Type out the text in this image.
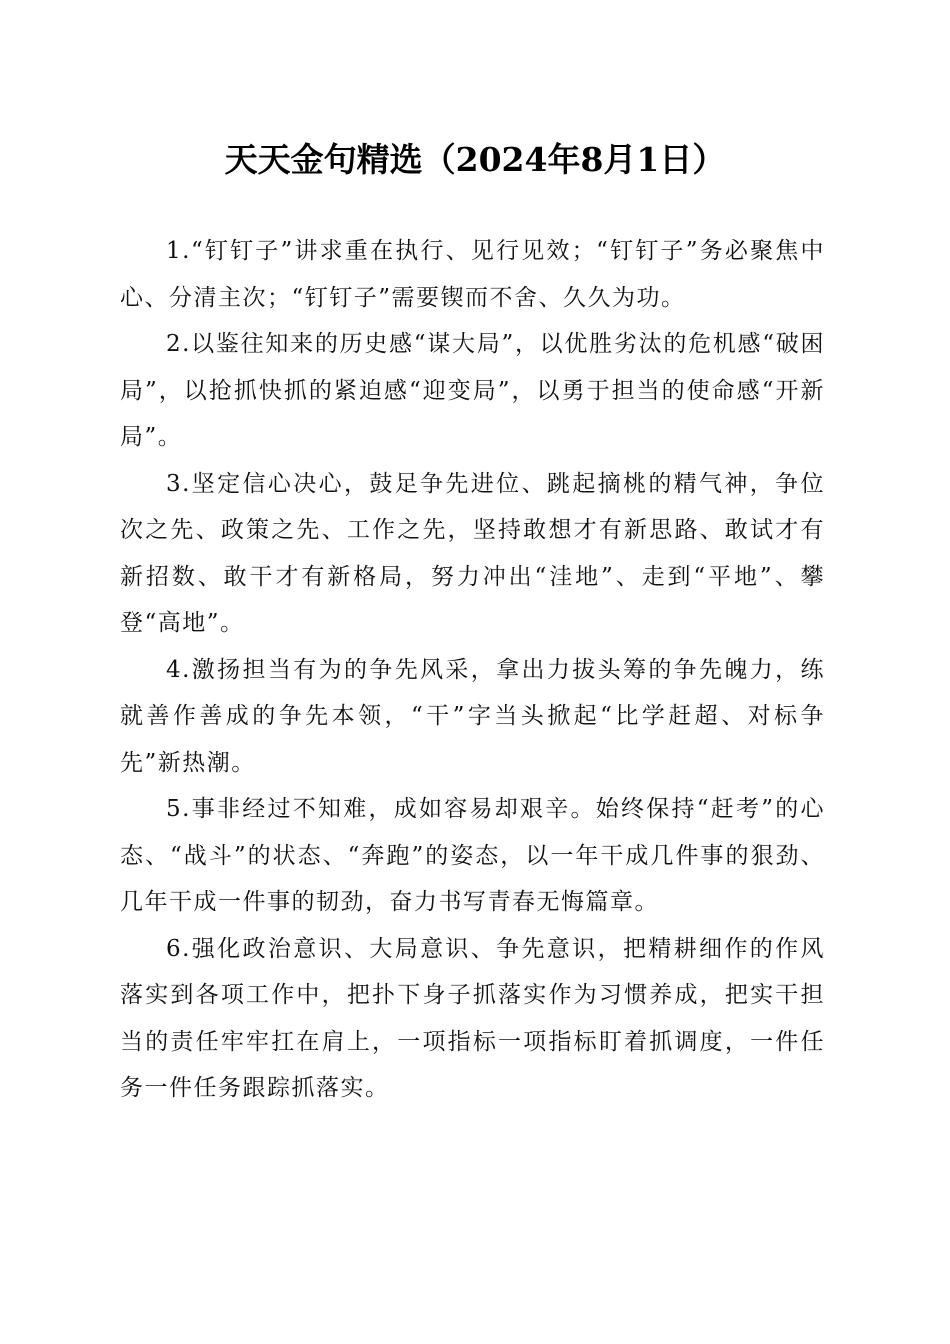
天天金句精选（2024年8月1日）

1.“钉钉子”讲求重在执行、见行见效；“钉钉子”务必聚焦中心、分清主次；“钉钉子”需要锲而不舍、久久为功。

2.以鉴往知来的历史感“谋大局”，以优胜劣汰的危机感“破困局”，以抢抓快抓的紧迫感“迎变局”，以勇于担当的使命感“开新局”。

3.坚定信心决心，鼓足争先进位、跳起摘桃的精气神，争位次之先、政策之先、工作之先，坚持敢想才有新思路、敢试才有新招数、敢干才有新格局，努力冲出“洼地”、走到“平地”、攀登“高地”。

4.激扬担当有为的争先风采，拿出力拔头筹的争先魄力，练就善作善成的争先本领，“干”字当头掀起“比学赶超、对标争先”新热潮。

5.事非经过不知难，成如容易却艰辛。始终保持“赶考”的心态、“战斗”的状态、“奔跑”的姿态，以一年干成几件事的狠劲、几年干成一件事的韧劲，奋力书写青春无悔篇章。

6.强化政治意识、大局意识、争先意识，把精耕细作的作风落实到各项工作中，把扑下身子抓落实作为习惯养成，把实干担当的责任牢牢扛在肩上，一项指标一项指标盯着抓调度，一件任务一件任务跟踪抓落实。
